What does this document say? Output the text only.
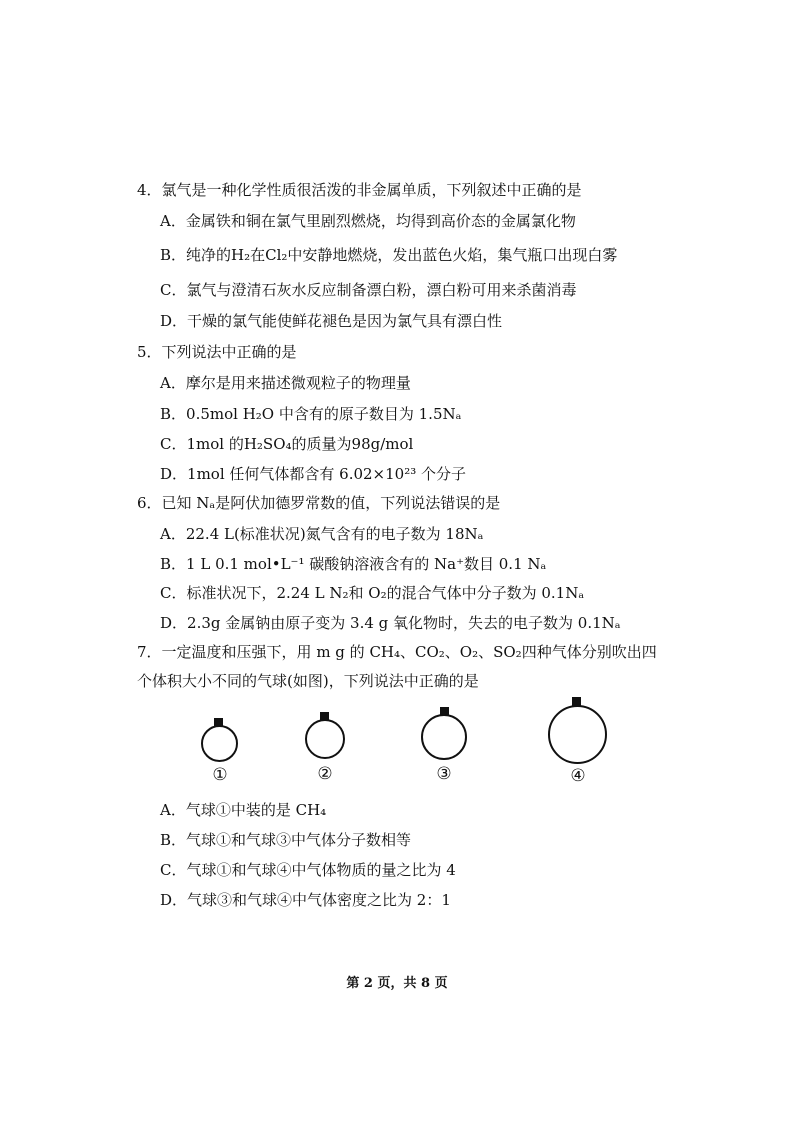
4．氯气是一种化学性质很活泼的非金属单质，下列叙述中正确的是
A．金属铁和铜在氯气里剧烈燃烧，均得到高价态的金属氯化物
B．纯净的H₂在Cl₂中安静地燃烧，发出蓝色火焰，集气瓶口出现白雾
C．氯气与澄清石灰水反应制备漂白粉，漂白粉可用来杀菌消毒
D．干燥的氯气能使鲜花褪色是因为氯气具有漂白性
5．下列说法中正确的是
A．摩尔是用来描述微观粒子的物理量
B．0.5mol H₂O 中含有的原子数目为 1.5Nₐ
C．1mol 的H₂SO₄的质量为98g/mol
D．1mol 任何气体都含有 6.02×10²³ 个分子
6．已知 Nₐ是阿伏加德罗常数的值，下列说法错误的是
A．22.4 L(标准状况)氮气含有的电子数为 18Nₐ
B．1 L 0.1 mol•L⁻¹ 碳酸钠溶液含有的 Na⁺数目 0.1 Nₐ
C．标准状况下，2.24 L N₂和 O₂的混合气体中分子数为 0.1Nₐ
D．2.3g 金属钠由原子变为 3.4 g 氧化物时，失去的电子数为 0.1Nₐ
7．一定温度和压强下，用 m g 的 CH₄、CO₂、O₂、SO₂四种气体分别吹出四
个体积大小不同的气球(如图)，下列说法中正确的是
①	②	③	④
A．气球①中装的是 CH₄
B．气球①和气球③中气体分子数相等
C．气球①和气球④中气体物质的量之比为 4
D．气球③和气球④中气体密度之比为 2：1
第 2 页，共 8 页
